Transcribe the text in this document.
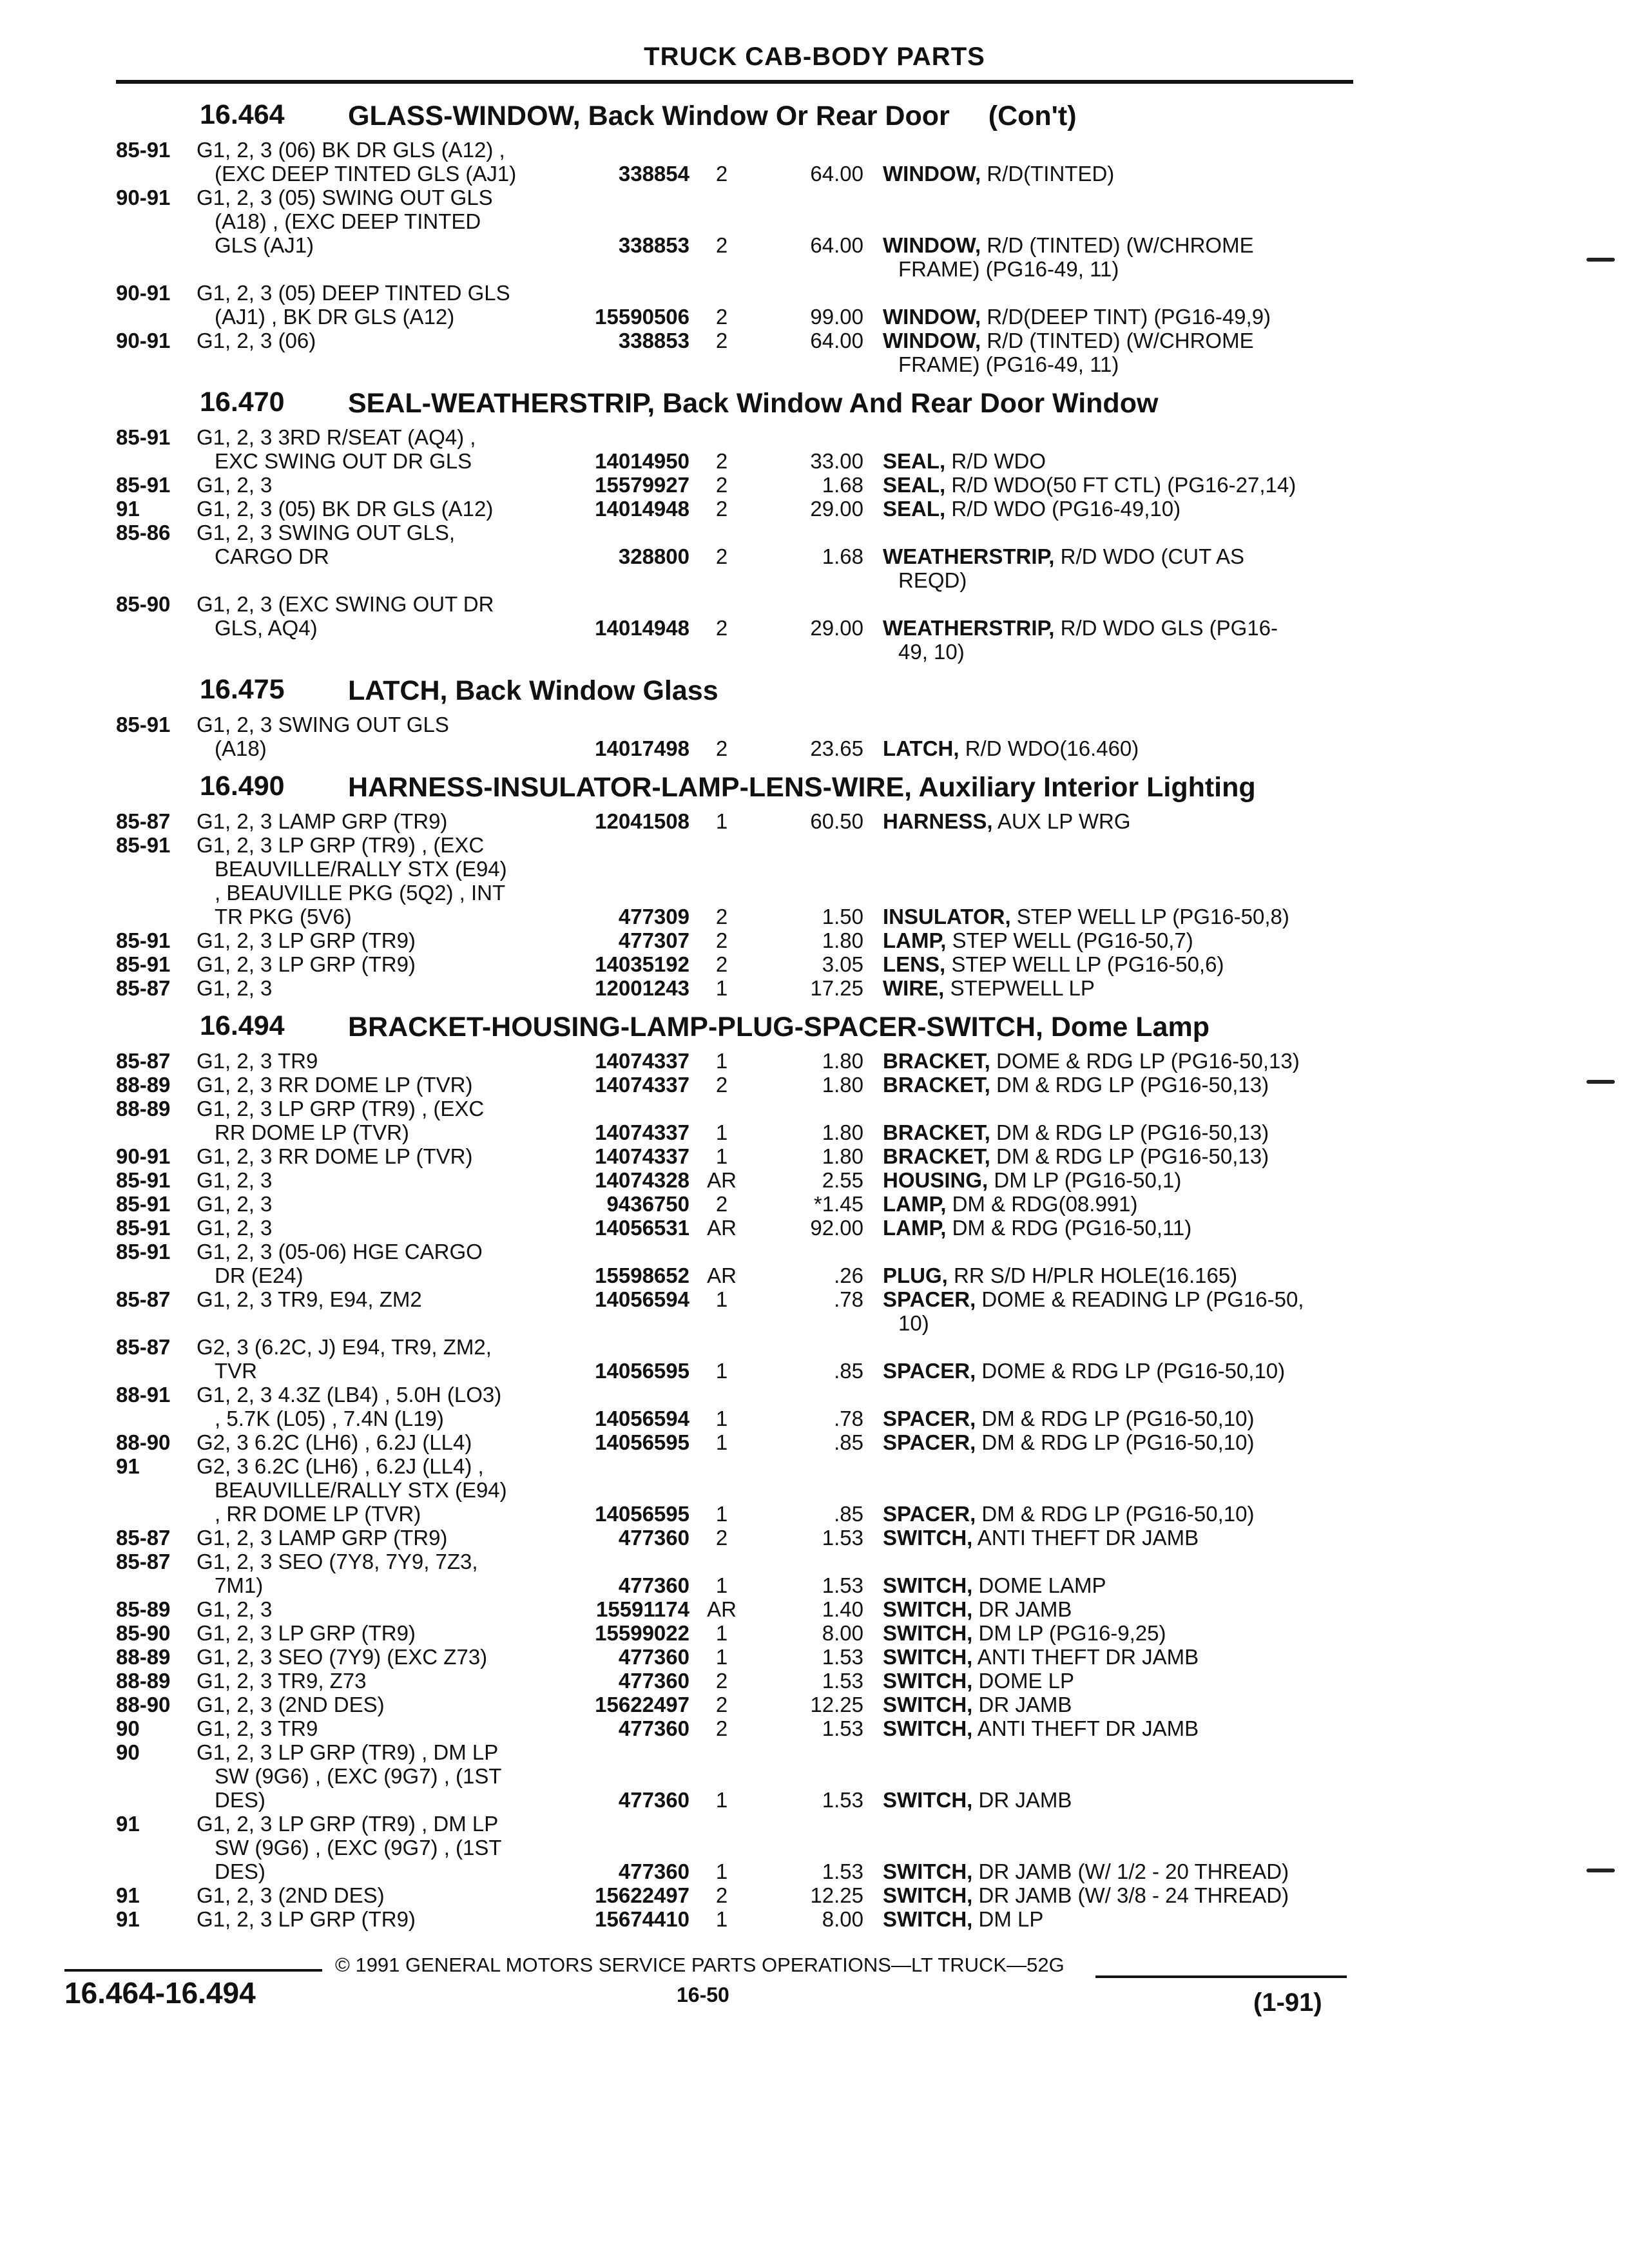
TRUCK CAB-BODY PARTS
16.464 GLASS-WINDOW, Back Window Or Rear Door (Con't)
85-91	G1, 2, 3 (06) BK DR GLS (A12) ,
(EXC DEEP TINTED GLS (AJ1)	338854	2	64.00 WINDOW, R/D(TINTED)
90-91	G1, 2, 3 (05) SWING OUT GLS
(A18) , (EXC DEEP TINTED
GLS (AJ1)	338853	2	64.00 WINDOW, R/D (TINTED) (W/CHROME
FRAME) (PG16-49, 11)
90-91	G1, 2, 3 (05) DEEP TINTED GLS
(AJ1) , BK DR GLS (A12)	15590506	2	99.00 WINDOW, R/D(DEEP TINT) (PG16-49,9)
90-91	G1, 2, 3 (06)	338853	2	64.00 WINDOW, R/D (TINTED) (W/CHROME
FRAME) (PG16-49, 11)
16.470 SEAL-WEATHERSTRIP, Back Window And Rear Door Window
85-91	G1, 2, 3 3RD R/SEAT (AQ4) ,
EXC SWING OUT DR GLS	14014950	2	33.00 SEAL, R/D WDO
85-91	G1, 2, 3	15579927	2	1.68 SEAL, R/D WDO(50 FT CTL) (PG16-27,14)
91	G1, 2, 3 (05) BK DR GLS (A12)	14014948	2	29.00 SEAL, R/D WDO (PG16-49,10)
85-86	G1, 2, 3 SWING OUT GLS,
CARGO DR	328800	2	1.68 WEATHERSTRIP, R/D WDO (CUT AS
REQD)
85-90	G1, 2, 3 (EXC SWING OUT DR
GLS, AQ4)	14014948	2	29.00 WEATHERSTRIP, R/D WDO GLS (PG16-
49, 10)
16.475 LATCH, Back Window Glass
85-91	G1, 2, 3 SWING OUT GLS
(A18)	14017498	2	23.65 LATCH, R/D WDO(16.460)
16.490 HARNESS-INSULATOR-LAMP-LENS-WIRE, Auxiliary Interior Lighting
85-87	G1, 2, 3 LAMP GRP (TR9)	12041508	1	60.50 HARNESS, AUX LP WRG
85-91	G1, 2, 3 LP GRP (TR9) , (EXC
BEAUVILLE/RALLY STX (E94)
, BEAUVILLE PKG (5Q2) , INT
TR PKG (5V6)	477309	2	1.50 INSULATOR, STEP WELL LP (PG16-50,8)
85-91	G1, 2, 3 LP GRP (TR9)	477307	2	1.80 LAMP, STEP WELL (PG16-50,7)
85-91	G1, 2, 3 LP GRP (TR9)	14035192	2	3.05 LENS, STEP WELL LP (PG16-50,6)
85-87	G1, 2, 3	12001243	1	17.25 WIRE, STEPWELL LP
16.494 BRACKET-HOUSING-LAMP-PLUG-SPACER-SWITCH, Dome Lamp
85-87	G1, 2, 3 TR9	14074337	1	1.80 BRACKET, DOME & RDG LP (PG16-50,13)
88-89	G1, 2, 3 RR DOME LP (TVR)	14074337	2	1.80 BRACKET, DM & RDG LP (PG16-50,13)
88-89	G1, 2, 3 LP GRP (TR9) , (EXC
RR DOME LP (TVR)	14074337	1	1.80 BRACKET, DM & RDG LP (PG16-50,13)
90-91	G1, 2, 3 RR DOME LP (TVR)	14074337	1	1.80 BRACKET, DM & RDG LP (PG16-50,13)
85-91	G1, 2, 3	14074328 AR	2.55 HOUSING, DM LP (PG16-50,1)
85-91	G1, 2, 3	9436750	2	*1.45 LAMP, DM & RDG(08.991)
85-91	G1, 2, 3	14056531 AR	92.00 LAMP, DM & RDG (PG16-50,11)
85-91	G1, 2, 3 (05-06) HGE CARGO
DR (E24)	15598652 AR	.26 PLUG, RR S/D H/PLR HOLE(16.165)
85-87	G1, 2, 3 TR9, E94, ZM2	14056594	1	.78 SPACER, DOME & READING LP (PG16-50,
10)
85-87	G2, 3 (6.2C, J) E94, TR9, ZM2,
TVR	14056595	1	.85 SPACER, DOME & RDG LP (PG16-50,10)
88-91	G1, 2, 3 4.3Z (LB4) , 5.0H (LO3)
, 5.7K (L05) , 7.4N (L19)	14056594	1	.78 SPACER, DM & RDG LP (PG16-50,10)
88-90	G2, 3 6.2C (LH6) , 6.2J (LL4)	14056595	1	.85 SPACER, DM & RDG LP (PG16-50,10)
91	G2, 3 6.2C (LH6) , 6.2J (LL4) ,
BEAUVILLE/RALLY STX (E94)
, RR DOME LP (TVR)	14056595	1	.85 SPACER, DM & RDG LP (PG16-50,10)
85-87	G1, 2, 3 LAMP GRP (TR9)	477360	2	1.53 SWITCH, ANTI THEFT DR JAMB
85-87	G1, 2, 3 SEO (7Y8, 7Y9, 7Z3,
7M1)	477360	1	1.53 SWITCH, DOME LAMP
85-89	G1, 2, 3	15591174 AR	1.40 SWITCH, DR JAMB
85-90	G1, 2, 3 LP GRP (TR9)	15599022	1	8.00 SWITCH, DM LP (PG16-9,25)
88-89	G1, 2, 3 SEO (7Y9) (EXC Z73)	477360	1	1.53 SWITCH, ANTI THEFT DR JAMB
88-89	G1, 2, 3 TR9, Z73	477360	2	1.53 SWITCH, DOME LP
88-90	G1, 2, 3 (2ND DES)	15622497	2	12.25 SWITCH, DR JAMB
90	G1, 2, 3 TR9	477360	2	1.53 SWITCH, ANTI THEFT DR JAMB
90	G1, 2, 3 LP GRP (TR9) , DM LP
SW (9G6) , (EXC (9G7) , (1ST
DES)	477360	1	1.53 SWITCH, DR JAMB
91	G1, 2, 3 LP GRP (TR9) , DM LP
SW (9G6) , (EXC (9G7) , (1ST
DES)	477360	1	1.53 SWITCH, DR JAMB (W/ 1/2 - 20 THREAD)
91	G1, 2, 3 (2ND DES)	15622497	2	12.25 SWITCH, DR JAMB (W/ 3/8 - 24 THREAD)
91	G1, 2, 3 LP GRP (TR9)	15674410	1	8.00 SWITCH, DM LP
© 1991 GENERAL MOTORS SERVICE PARTS OPERATIONS—LT TRUCK—52G
16.464-16.494	16-50	(1-91)
